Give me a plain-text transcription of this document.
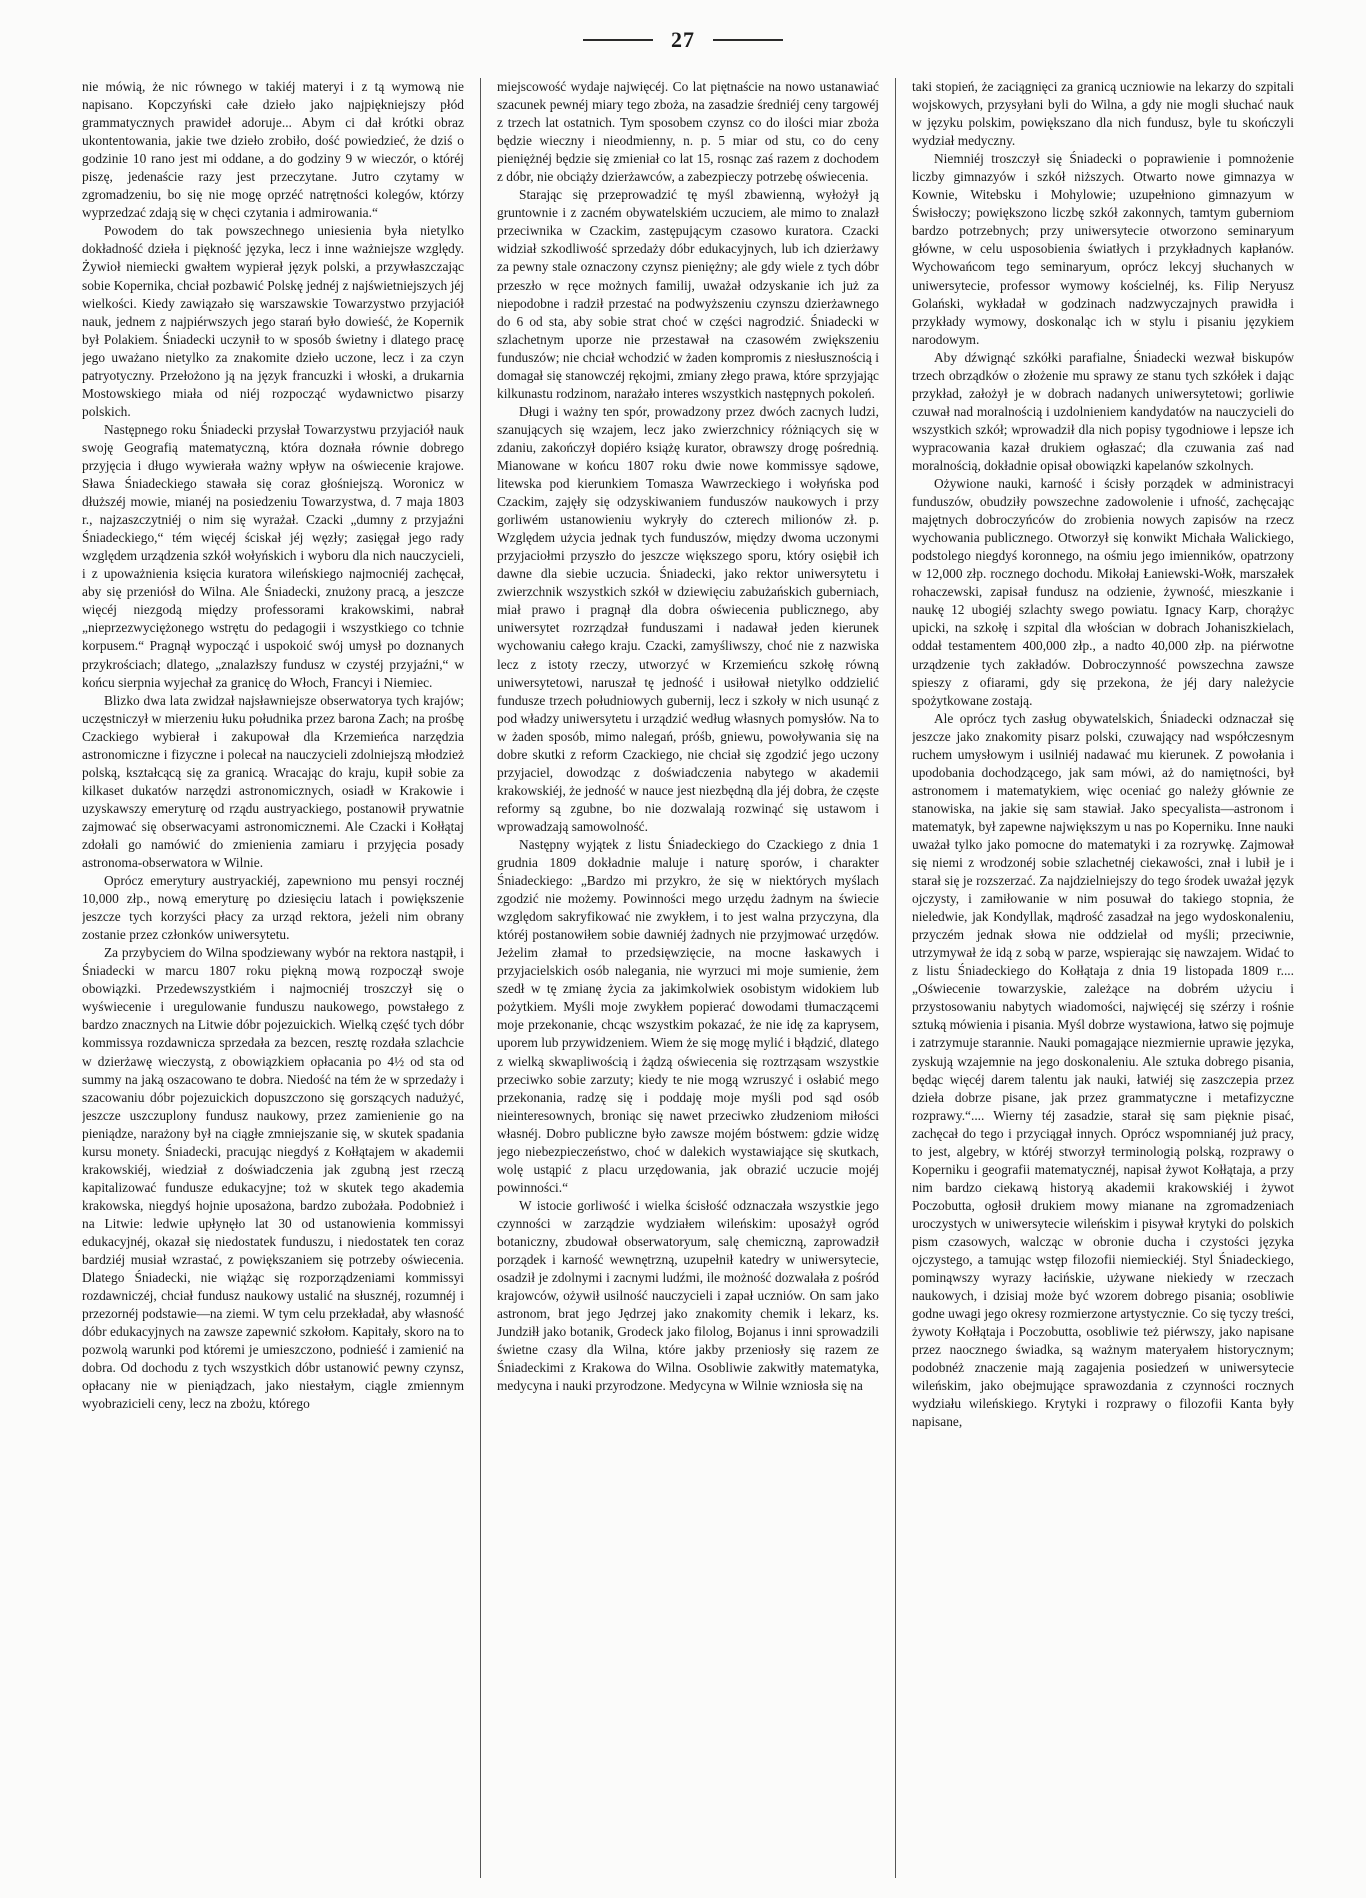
27

nie mówią, że nic równego w takiéj materyi i z tą wymową nie napisano. Kopczyński całe dzieło jako najpiękniejszy płód grammatycznych prawideł adoruje... Abym ci dał krótki obraz ukontentowania, jakie twe dzieło zrobiło, dość powiedzieć, że dziś o godzinie 10 rano jest mi oddane, a do godziny 9 w wieczór, o któréj piszę, jedenaście razy jest przeczytane. Jutro czytamy w zgromadzeniu, bo się nie mogę oprzéć natrętności kolegów, którzy wyprzedzać zdają się w chęci czytania i admirowania.“

Powodem do tak powszechnego uniesienia była nietylko dokładność dzieła i piękność języka, lecz i inne ważniejsze względy. Żywioł niemiecki gwałtem wypierał język polski, a przywłaszczając sobie Kopernika, chciał pozbawić Polskę jednéj z najświetniejszych jéj wielkości. Kiedy zawiązało się warszawskie Towarzystwo przyjaciół nauk, jednem z najpiérwszych jego starań było dowieść, że Kopernik był Polakiem. Śniadecki uczynił to w sposób świetny i dlatego pracę jego uważano nietylko za znakomite dzieło uczone, lecz i za czyn patryotyczny. Przełożono ją na język francuzki i włoski, a drukarnia Mostowskiego miała od niéj rozpocząć wydawnictwo pisarzy polskich.

Następnego roku Śniadecki przysłał Towarzystwu przyjaciół nauk swoję Geografią matematyczną, która doznała równie dobrego przyjęcia i długo wywierała ważny wpływ na oświecenie krajowe. Sława Śniadeckiego stawała się coraz głośniejszą. Woronicz w dłuższéj mowie, mianéj na posiedzeniu Towarzystwa, d. 7 maja 1803 r., najzaszczytniéj o nim się wyrażał. Czacki „dumny z przyjaźni Śniadeckiego,“ tém więcéj ściskał jéj węzły; zasięgał jego rady względem urządzenia szkół wołyńskich i wyboru dla nich nauczycieli, i z upoważnienia księcia kuratora wileńskiego najmocniéj zachęcał, aby się przeniósł do Wilna. Ale Śniadecki, znużony pracą, a jeszcze więcéj niezgodą między professorami krakowskimi, nabrał „nieprzezwyciężonego wstrętu do pedagogii i wszystkiego co tchnie korpusem.“ Pragnął wypocząć i uspokoić swój umysł po doznanych przykrościach; dlatego, „znalazłszy fundusz w czystéj przyjaźni,“ w końcu sierpnia wyjechał za granicę do Włoch, Francyi i Niemiec.

Blizko dwa lata zwidzał najsławniejsze obserwatorya tych krajów; uczęstniczył w mierzeniu łuku południka przez barona Zach; na prośbę Czackiego wybierał i zakupował dla Krzemieńca narzędzia astronomiczne i fizyczne i polecał na nauczycieli zdolniejszą młodzież polską, kształcącą się za granicą. Wracając do kraju, kupił sobie za kilkaset dukatów narzędzi astronomicznych, osiadł w Krakowie i uzyskawszy emeryturę od rządu austryackiego, postanowił prywatnie zajmować się obserwacyami astronomicznemi. Ale Czacki i Kołłątaj zdołali go namówić do zmienienia zamiaru i przyjęcia posady astronoma-obserwatora w Wilnie.

Oprócz emerytury austryackiéj, zapewniono mu pensyi rocznéj 10,000 złp., nową emeryturę po dziesięciu latach i powiększenie jeszcze tych korzyści płacy za urząd rektora, jeżeli nim obrany zostanie przez członków uniwersytetu.

Za przybyciem do Wilna spodziewany wybór na rektora nastąpił, i Śniadecki w marcu 1807 roku piękną mową rozpoczął swoje obowiązki. Przedewszystkiém i najmocniéj troszczył się o wyświecenie i uregulowanie funduszu naukowego, powstałego z bardzo znacznych na Litwie dóbr pojezuickich. Wielką część tych dóbr kommissya rozdawnicza sprzedała za bezcen, resztę rozdała szlachcie w dzierżawę wieczystą, z obowiązkiem opłacania po 4½ od sta od summy na jaką oszacowano te dobra. Niedość na tém że w sprzedaży i szacowaniu dóbr pojezuickich dopuszczono się gorszących nadużyć, jeszcze uszczuplony fundusz naukowy, przez zamienienie go na pieniądze, narażony był na ciągłe zmniejszanie się, w skutek spadania kursu monety. Śniadecki, pracując niegdyś z Kołłątajem w akademii krakowskiéj, wiedział z doświadczenia jak zgubną jest rzeczą kapitalizować fundusze edukacyjne; toż w skutek tego akademia krakowska, niegdyś hojnie uposażona, bardzo zubożała. Podobnież i na Litwie: ledwie upłynęło lat 30 od ustanowienia kommissyi edukacyjnéj, okazał się niedostatek funduszu, i niedostatek ten coraz bardziéj musiał wzrastać, z powiększaniem się potrzeby oświecenia. Dlatego Śniadecki, nie wiążąc się rozporządzeniami kommissyi rozdawniczéj, chciał fundusz naukowy ustalić na słusznéj, rozumnéj i przezornéj podstawie—na ziemi. W tym celu przekładał, aby własność dóbr edukacyjnych na zawsze zapewnić szkołom. Kapitały, skoro na to pozwolą warunki pod któremi je umieszczono, podnieść i zamienić na dobra. Od dochodu z tych wszystkich dóbr ustanowić pewny czynsz, opłacany nie w pieniądzach, jako niestałym, ciągle zmiennym wyobrazicieli ceny, lecz na zbożu, którego

miejscowość wydaje najwięcéj. Co lat piętnaście na nowo ustanawiać szacunek pewnéj miary tego zboża, na zasadzie średniéj ceny targowéj z trzech lat ostatnich. Tym sposobem czynsz co do ilości miar zboża będzie wieczny i nieodmienny, n. p. 5 miar od stu, co do ceny pieniężnéj będzie się zmieniał co lat 15, rosnąc zaś razem z dochodem z dóbr, nie obciąży dzierżawców, a zabezpieczy potrzebę oświecenia.

Starając się przeprowadzić tę myśl zbawienną, wyłożył ją gruntownie i z zacném obywatelskiém uczuciem, ale mimo to znalazł przeciwnika w Czackim, zastępującym czasowo kuratora. Czacki widział szkodliwość sprzedaży dóbr edukacyjnych, lub ich dzierżawy za pewny stale oznaczony czynsz pieniężny; ale gdy wiele z tych dóbr przeszło w ręce możnych familij, uważał odzyskanie ich już za niepodobne i radził przestać na podwyższeniu czynszu dzierżawnego do 6 od sta, aby sobie strat choć w części nagrodzić. Śniadecki w szlachetnym uporze nie przestawał na czasowém zwiększeniu funduszów; nie chciał wchodzić w żaden kompromis z niesłusznością i domagał się stanowczéj rękojmi, zmiany złego prawa, które sprzyjając kilkunastu rodzinom, narażało interes wszystkich następnych pokoleń.

Długi i ważny ten spór, prowadzony przez dwóch zacnych ludzi, szanujących się wzajem, lecz jako zwierzchnicy różniących się w zdaniu, zakończył dopiéro książę kurator, obrawszy drogę pośrednią. Mianowane w końcu 1807 roku dwie nowe kommissye sądowe, litewska pod kierunkiem Tomasza Wawrzeckiego i wołyńska pod Czackim, zajęły się odzyskiwaniem funduszów naukowych i przy gorliwém ustanowieniu wykryły do czterech milionów zł. p. Względem użycia jednak tych funduszów, między dwoma uczonymi przyjaciołmi przyszło do jeszcze większego sporu, który osiębił ich dawne dla siebie uczucia. Śniadecki, jako rektor uniwersytetu i zwierzchnik wszystkich szkół w dziewięciu zabużańskich guberniach, miał prawo i pragnął dla dobra oświecenia publicznego, aby uniwersytet rozrządzał funduszami i nadawał jeden kierunek wychowaniu całego kraju. Czacki, zamyśliwszy, choć nie z nazwiska lecz z istoty rzeczy, utworzyć w Krzemieńcu szkołę równą uniwersytetowi, naruszał tę jedność i usiłował nietylko oddzielić fundusze trzech południowych gubernij, lecz i szkoły w nich usunąć z pod władzy uniwersytetu i urządzić według własnych pomysłów. Na to w żaden sposób, mimo nalegań, próśb, gniewu, powoływania się na dobre skutki z reform Czackiego, nie chciał się zgodzić jego uczony przyjaciel, dowodząc z doświadczenia nabytego w akademii krakowskiéj, że jedność w nauce jest niezbędną dla jéj dobra, że częste reformy są zgubne, bo nie dozwalają rozwinąć się ustawom i wprowadzają samowolność.

Następny wyjątek z listu Śniadeckiego do Czackiego z dnia 1 grudnia 1809 dokładnie maluje i naturę sporów, i charakter Śniadeckiego: „Bardzo mi przykro, że się w niektórych myślach zgodzić nie możemy. Powinności mego urzędu żadnym na świecie względom sakryfikować nie zwykłem, i to jest walna przyczyna, dla któréj postanowiłem sobie dawniéj żadnych nie przyjmować urzędów. Jeżelim złamał to przedsięwzięcie, na mocne łaskawych i przyjacielskich osób nalegania, nie wyrzuci mi moje sumienie, żem szedł w tę zmianę życia za jakimkolwiek osobistym widokiem lub pożytkiem. Myśli moje zwykłem popierać dowodami tłumaczącemi moje przekonanie, chcąc wszystkim pokazać, że nie idę za kaprysem, uporem lub przywidzeniem. Wiem że się mogę mylić i błądzić, dlatego z wielką skwapliwością i żądzą oświecenia się roztrząsam wszystkie przeciwko sobie zarzuty; kiedy te nie mogą wzruszyć i osłabić mego przekonania, radzę się i poddaję moje myśli pod sąd osób nieinteresownych, broniąc się nawet przeciwko złudzeniom miłości własnéj. Dobro publiczne było zawsze mojém bóstwem: gdzie widzę jego niebezpieczeństwo, choć w dalekich wystawiające się skutkach, wolę ustąpić z placu urzędowania, jak obrazić uczucie mojéj powinności.“

W istocie gorliwość i wielka ścisłość odznaczała wszystkie jego czynności w zarządzie wydziałem wileńskim: uposażył ogród botaniczny, zbudował obserwatoryum, salę chemiczną, zaprowadził porządek i karność wewnętrzną, uzupełnił katedry w uniwersytecie, osadził je zdolnymi i zacnymi ludźmi, ile możność dozwalała z pośród krajowców, ożywił usilność nauczycieli i zapał uczniów. On sam jako astronom, brat jego Jędrzej jako znakomity chemik i lekarz, ks. Jundziłł jako botanik, Grodeck jako filolog, Bojanus i inni sprowadzili świetne czasy dla Wilna, które jakby przeniosły się razem ze Śniadeckimi z Krakowa do Wilna. Osobliwie zakwitły matematyka, medycyna i nauki przyrodzone. Medycyna w Wilnie wzniosła się na

taki stopień, że zaciągnięci za granicą uczniowie na lekarzy do szpitali wojskowych, przysyłani byli do Wilna, a gdy nie mogli słuchać nauk w języku polskim, powiększano dla nich fundusz, byle tu skończyli wydział medyczny.

Niemniéj troszczył się Śniadecki o poprawienie i pomnożenie liczby gimnazyów i szkół niższych. Otwarto nowe gimnazya w Kownie, Witebsku i Mohylowie; uzupełniono gimnazyum w Świsłoczy; powiększono liczbę szkół zakonnych, tamtym guberniom bardzo potrzebnych; przy uniwersytecie otworzono seminaryum główne, w celu usposobienia światłych i przykładnych kapłanów. Wychowańcom tego seminaryum, oprócz lekcyj słuchanych w uniwersytecie, professor wymowy kościelnéj, ks. Filip Neryusz Golański, wykładał w godzinach nadzwyczajnych prawidła i przykłady wymowy, doskonaląc ich w stylu i pisaniu językiem narodowym.

Aby dźwignąć szkółki parafialne, Śniadecki wezwał biskupów trzech obrządków o złożenie mu sprawy ze stanu tych szkółek i dając przykład, założył je w dobrach nadanych uniwersytetowi; gorliwie czuwał nad moralnością i uzdolnieniem kandydatów na nauczycieli do wszystkich szkół; wprowadził dla nich popisy tygodniowe i lepsze ich wypracowania kazał drukiem ogłaszać; dla czuwania zaś nad moralnością, dokładnie opisał obowiązki kapelanów szkolnych.

Ożywione nauki, karność i ścisły porządek w administracyi funduszów, obudziły powszechne zadowolenie i ufność, zachęcając majętnych dobroczyńców do zrobienia nowych zapisów na rzecz wychowania publicznego. Otworzył się konwikt Michała Walickiego, podstolego niegdyś koronnego, na ośmiu jego imienników, opatrzony w 12,000 złp. rocznego dochodu. Mikołaj Łaniewski-Wołk, marszałek rohaczewski, zapisał fundusz na odzienie, żywność, mieszkanie i naukę 12 ubogiéj szlachty swego powiatu. Ignacy Karp, chorążyc upicki, na szkołę i szpital dla włościan w dobrach Johaniszkielach, oddał testamentem 400,000 złp., a nadto 40,000 złp. na piérwotne urządzenie tych zakładów. Dobroczynność powszechna zawsze spieszy z ofiarami, gdy się przekona, że jéj dary należycie spożytkowane zostają.

Ale oprócz tych zasług obywatelskich, Śniadecki odznaczał się jeszcze jako znakomity pisarz polski, czuwający nad współczesnym ruchem umysłowym i usilniéj nadawać mu kierunek. Z powołania i upodobania dochodzącego, jak sam mówi, aż do namiętności, był astronomem i matematykiem, więc oceniać go należy głównie ze stanowiska, na jakie się sam stawiał. Jako specyalista—astronom i matematyk, był zapewne największym u nas po Koperniku. Inne nauki uważał tylko jako pomocne do matematyki i za rozrywkę. Zajmował się niemi z wrodzonéj sobie szlachetnéj ciekawości, znał i lubił je i starał się je rozszerzać. Za najdzielniejszy do tego środek uważał język ojczysty, i zamiłowanie w nim posuwał do takiego stopnia, że nieledwie, jak Kondyllak, mądrość zasadzał na jego wydoskonaleniu, przyczém jednak słowa nie oddzielał od myśli; przeciwnie, utrzymywał że idą z sobą w parze, wspierając się nawzajem. Widać to z listu Śniadeckiego do Kołłątaja z dnia 19 listopada 1809 r.... „Oświecenie towarzyskie, zależące na dobrém użyciu i przystosowaniu nabytych wiadomości, najwięcéj się szérzy i rośnie sztuką mówienia i pisania. Myśl dobrze wystawiona, łatwo się pojmuje i zatrzymuje starannie. Nauki pomagające niezmiernie uprawie języka, zyskują wzajemnie na jego doskonaleniu. Ale sztuka dobrego pisania, będąc więcéj darem talentu jak nauki, łatwiéj się zaszczepia przez dzieła dobrze pisane, jak przez grammatyczne i metafizyczne rozprawy.“.... Wierny téj zasadzie, starał się sam pięknie pisać, zachęcał do tego i przyciągał innych. Oprócz wspomnianéj już pracy, to jest, algebry, w któréj stworzył terminologią polską, rozprawy o Koperniku i geografii matematycznéj, napisał żywot Kołłątaja, a przy nim bardzo ciekawą historyą akademii krakowskiéj i żywot Poczobutta, ogłosił drukiem mowy mianane na zgromadzeniach uroczystych w uniwersytecie wileńskim i pisywał krytyki do polskich pism czasowych, walcząc w obronie ducha i czystości języka ojczystego, a tamując wstęp filozofii niemieckiéj. Styl Śniadeckiego, pominąwszy wyrazy łacińskie, używane niekiedy w rzeczach naukowych, i dzisiaj może być wzorem dobrego pisania; osobliwie godne uwagi jego okresy rozmierzone artystycznie. Co się tyczy treści, żywoty Kołłątaja i Poczobutta, osobliwie też piérwszy, jako napisane przez naocznego świadka, są ważnym materyałem historycznym; podobnéż znaczenie mają zagajenia posiedzeń w uniwersytecie wileńskim, jako obejmujące sprawozdania z czynności rocznych wydziału wileńskiego. Krytyki i rozprawy o filozofii Kanta były napisane,
